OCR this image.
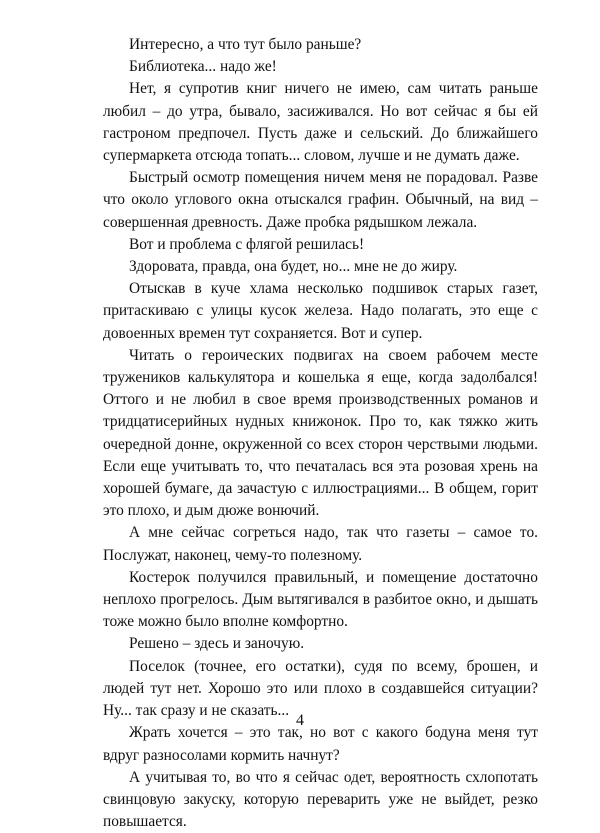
Интересно, а что тут было раньше?

Библиотека... надо же!

Нет, я супротив книг ничего не имею, сам читать раньше любил – до утра, бывало, засиживался. Но вот сейчас я бы ей гастроном предпочел. Пусть даже и сельский. До ближайшего супермаркета отсюда топать... словом, лучше и не думать даже.

Быстрый осмотр помещения ничем меня не порадовал. Разве что около углового окна отыскался графин. Обычный, на вид – совершенная древность. Даже пробка рядышком лежала.

Вот и проблема с флягой решилась!

Здоровата, правда, она будет, но... мне не до жиру.

Отыскав в куче хлама несколько подшивок старых газет, притаскиваю с улицы кусок железа. Надо полагать, это еще с довоенных времен тут сохраняется. Вот и супер.

Читать о героических подвигах на своем рабочем месте тружеников калькулятора и кошелька я еще, когда задолбался! Оттого и не любил в свое время производственных романов и тридцатисерийных нудных книжонок. Про то, как тяжко жить очередной донне, окруженной со всех сторон черствыми людьми. Если еще учитывать то, что печаталась вся эта розовая хрень на хорошей бумаге, да зачастую с иллюстрациями... В общем, горит это плохо, и дым дюже вонючий.

А мне сейчас согреться надо, так что газеты – самое то. Послужат, наконец, чему-то полезному.

Костерок получился правильный, и помещение достаточно неплохо прогрелось. Дым вытягивался в разбитое окно, и дышать тоже можно было вполне комфортно.

Решено – здесь и заночую.

Поселок (точнее, его остатки), судя по всему, брошен, и людей тут нет. Хорошо это или плохо в создавшейся ситуации? Ну... так сразу и не сказать...

Жрать хочется – это так, но вот с какого бодуна меня тут вдруг разносолами кормить начнут?

А учитывая то, во что я сейчас одет, вероятность схлопотать свинцовую закуску, которую переварить уже не выйдет, резко повышается.

4
